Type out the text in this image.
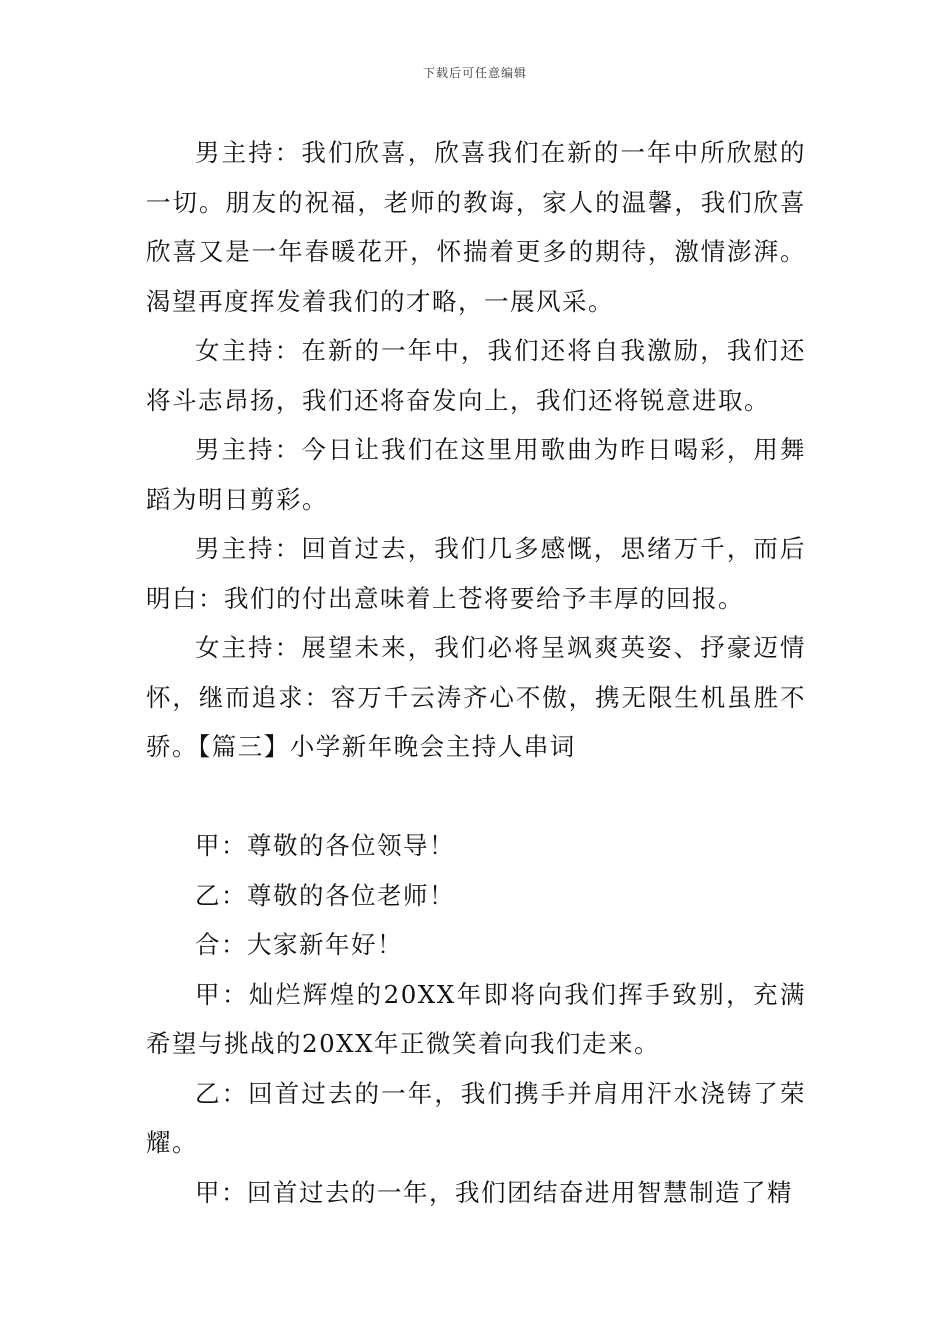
下载后可任意编辑

男主持：我们欣喜，欣喜我们在新的一年中所欣慰的一切。朋友的祝福，老师的教诲，家人的温馨，我们欣喜欣喜又是一年春暖花开，怀揣着更多的期待，激情澎湃。渴望再度挥发着我们的才略，一展风采。

女主持：在新的一年中，我们还将自我激励，我们还将斗志昂扬，我们还将奋发向上，我们还将锐意进取。

男主持：今日让我们在这里用歌曲为昨日喝彩，用舞蹈为明日剪彩。

男主持：回首过去，我们几多感慨，思绪万千，而后明白：我们的付出意味着上苍将要给予丰厚的回报。

女主持：展望未来，我们必将呈飒爽英姿、抒豪迈情怀，继而追求：容万千云涛齐心不傲，携无限生机虽胜不骄。【篇三】小学新年晚会主持人串词

甲：尊敬的各位领导！

乙：尊敬的各位老师！

合：大家新年好！

甲：灿烂辉煌的20XX年即将向我们挥手致别，充满希望与挑战的20XX年正微笑着向我们走来。

乙：回首过去的一年，我们携手并肩用汗水浇铸了荣耀。

甲：回首过去的一年，我们团结奋进用智慧制造了精
